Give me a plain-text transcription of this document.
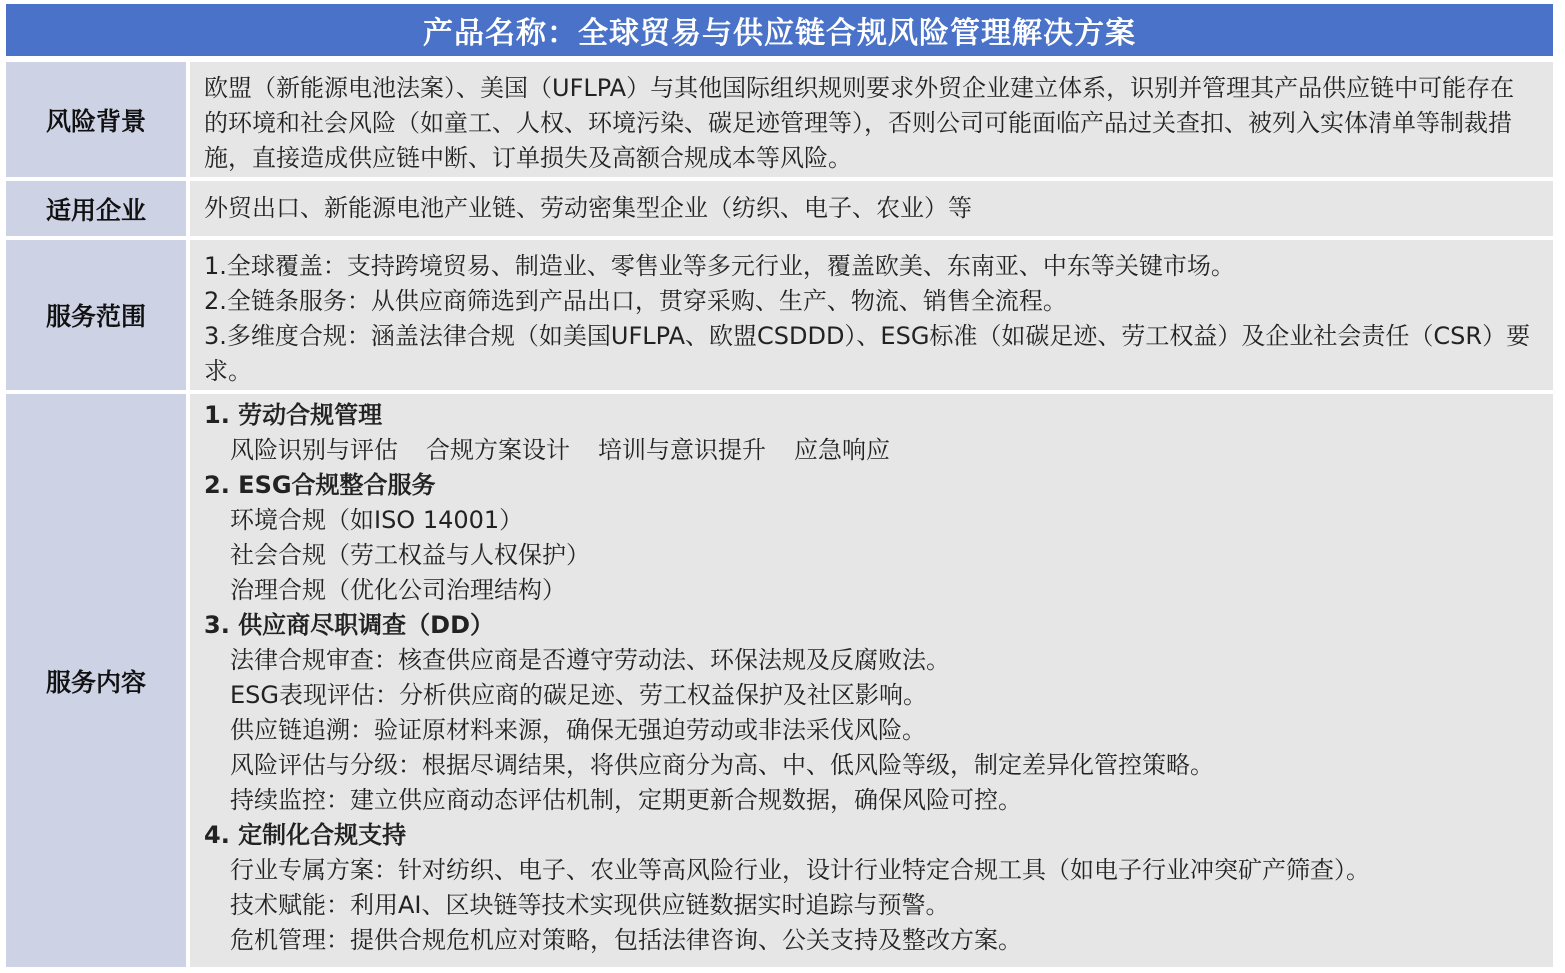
产品名称：全球贸易与供应链合规风险管理解决方案
风险背景

欧盟（新能源电池法案）、美国（UFLPA）与其他国际组织规则要求外贸企业建立体系，识别并管理其产品供应链中可能存在的环境和社会风险（如童工、人权、环境污染、碳足迹管理等），否则公司可能面临产品过关查扣、被列入实体清单等制裁措施，直接造成供应链中断、订单损失及高额合规成本等风险。

适用企业	外贸出口、新能源电池产业链、劳动密集型企业（纺织、电子、农业）等

服务范围

1.全球覆盖：支持跨境贸易、制造业、零售业等多元行业，覆盖欧美、东南亚、中东等关键市场。

2.全链条服务：从供应商筛选到产品出口，贯穿采购、生产、物流、销售全流程。

3.多维度合规：涵盖法律合规（如美国UFLPA、欧盟CSDDD）、ESG标准（如碳足迹、劳工权益）及企业社会责任（CSR）要求。

服务内容

1. 劳动合规管理

风险识别与评估 合规方案设计 培训与意识提升 应急响应

2. ESG合规整合服务

环境合规（如ISO 14001）

社会合规（劳工权益与人权保护）

治理合规（优化公司治理结构）

3. 供应商尽职调查（DD）

法律合规审查：核查供应商是否遵守劳动法、环保法规及反腐败法。

ESG表现评估：分析供应商的碳足迹、劳工权益保护及社区影响。

供应链追溯：验证原材料来源，确保无强迫劳动或非法采伐风险。

风险评估与分级：根据尽调结果，将供应商分为高、中、低风险等级，制定差异化管控策略。

持续监控：建立供应商动态评估机制，定期更新合规数据，确保风险可控。

4. 定制化合规支持

行业专属方案：针对纺织、电子、农业等高风险行业，设计行业特定合规工具（如电子行业冲突矿产筛查）。

技术赋能：利用AI、区块链等技术实现供应链数据实时追踪与预警。

危机管理：提供合规危机应对策略，包括法律咨询、公关支持及整改方案。
